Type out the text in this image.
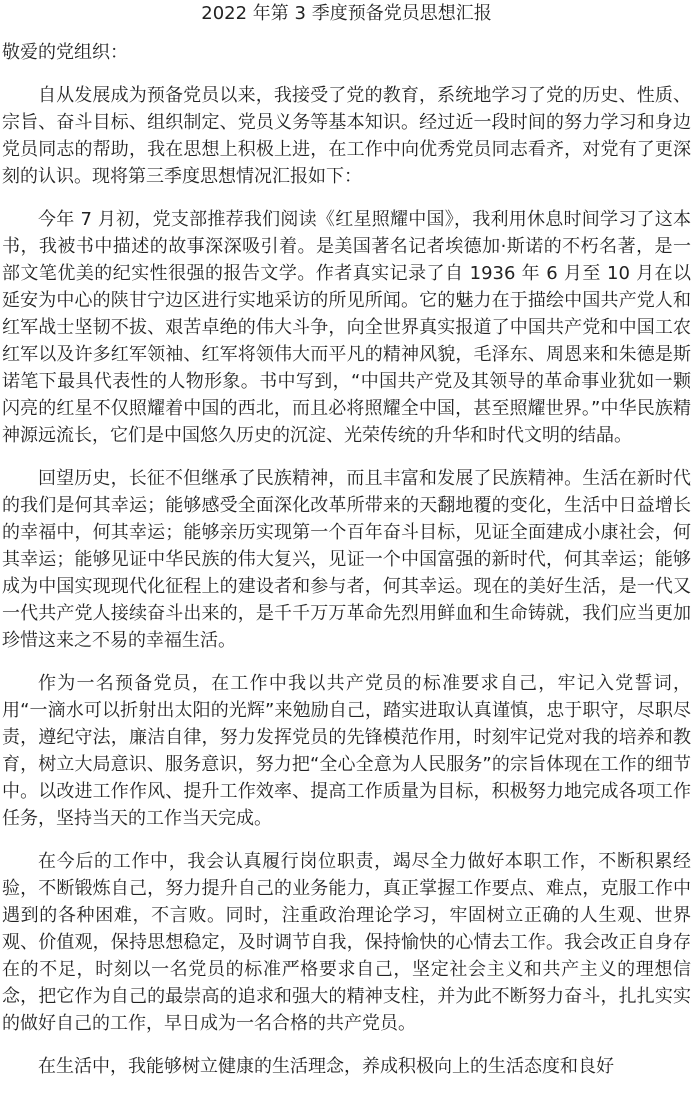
2022 年第 3 季度预备党员思想汇报
敬爱的党组织：

自从发展成为预备党员以来，我接受了党的教育，系统地学习了党的历史、性质、宗旨、奋斗目标、组织制定、党员义务等基本知识。经过近一段时间的努力学习和身边党员同志的帮助，我在思想上积极上进，在工作中向优秀党员同志看齐，对党有了更深刻的认识。现将第三季度思想情况汇报如下：

今年 7 月初，党支部推荐我们阅读《红星照耀中国》，我利用休息时间学习了这本书，我被书中描述的故事深深吸引着。是美国著名记者埃德加·斯诺的不朽名著，是一部文笔优美的纪实性很强的报告文学。作者真实记录了自 1936 年 6 月至 10 月在以延安为中心的陕甘宁边区进行实地采访的所见所闻。它的魅力在于描绘中国共产党人和红军战士坚韧不拔、艰苦卓绝的伟大斗争，向全世界真实报道了中国共产党和中国工农红军以及许多红军领袖、红军将领伟大而平凡的精神风貌，毛泽东、周恩来和朱德是斯诺笔下最具代表性的人物形象。书中写到，“中国共产党及其领导的革命事业犹如一颗闪亮的红星不仅照耀着中国的西北，而且必将照耀全中国，甚至照耀世界。”中华民族精神源远流长，它们是中国悠久历史的沉淀、光荣传统的升华和时代文明的结晶。

回望历史，长征不但继承了民族精神，而且丰富和发展了民族精神。生活在新时代的我们是何其幸运；能够感受全面深化改革所带来的天翻地覆的变化，生活中日益增长的幸福中，何其幸运；能够亲历实现第一个百年奋斗目标，见证全面建成小康社会，何其幸运；能够见证中华民族的伟大复兴，见证一个中国富强的新时代，何其幸运；能够成为中国实现现代化征程上的建设者和参与者，何其幸运。现在的美好生活，是一代又一代共产党人接续奋斗出来的，是千千万万革命先烈用鲜血和生命铸就，我们应当更加珍惜这来之不易的幸福生活。

作为一名预备党员，在工作中我以共产党员的标准要求自己，牢记入党誓词，用“一滴水可以折射出太阳的光辉”来勉励自己，踏实进取认真谨慎，忠于职守，尽职尽责，遵纪守法，廉洁自律，努力发挥党员的先锋模范作用，时刻牢记党对我的培养和教育，树立大局意识、服务意识，努力把“全心全意为人民服务”的宗旨体现在工作的细节中。以改进工作作风、提升工作效率、提高工作质量为目标，积极努力地完成各项工作任务，坚持当天的工作当天完成。

在今后的工作中，我会认真履行岗位职责，竭尽全力做好本职工作，不断积累经验，不断锻炼自己，努力提升自己的业务能力，真正掌握工作要点、难点，克服工作中遇到的各种困难，不言败。同时，注重政治理论学习，牢固树立正确的人生观、世界观、价值观，保持思想稳定，及时调节自我，保持愉快的心情去工作。我会改正自身存在的不足，时刻以一名党员的标准严格要求自己，坚定社会主义和共产主义的理想信念，把它作为自己的最崇高的追求和强大的精神支柱，并为此不断努力奋斗，扎扎实实的做好自己的工作，早日成为一名合格的共产党员。

在生活中，我能够树立健康的生活理念，养成积极向上的生活态度和良好
